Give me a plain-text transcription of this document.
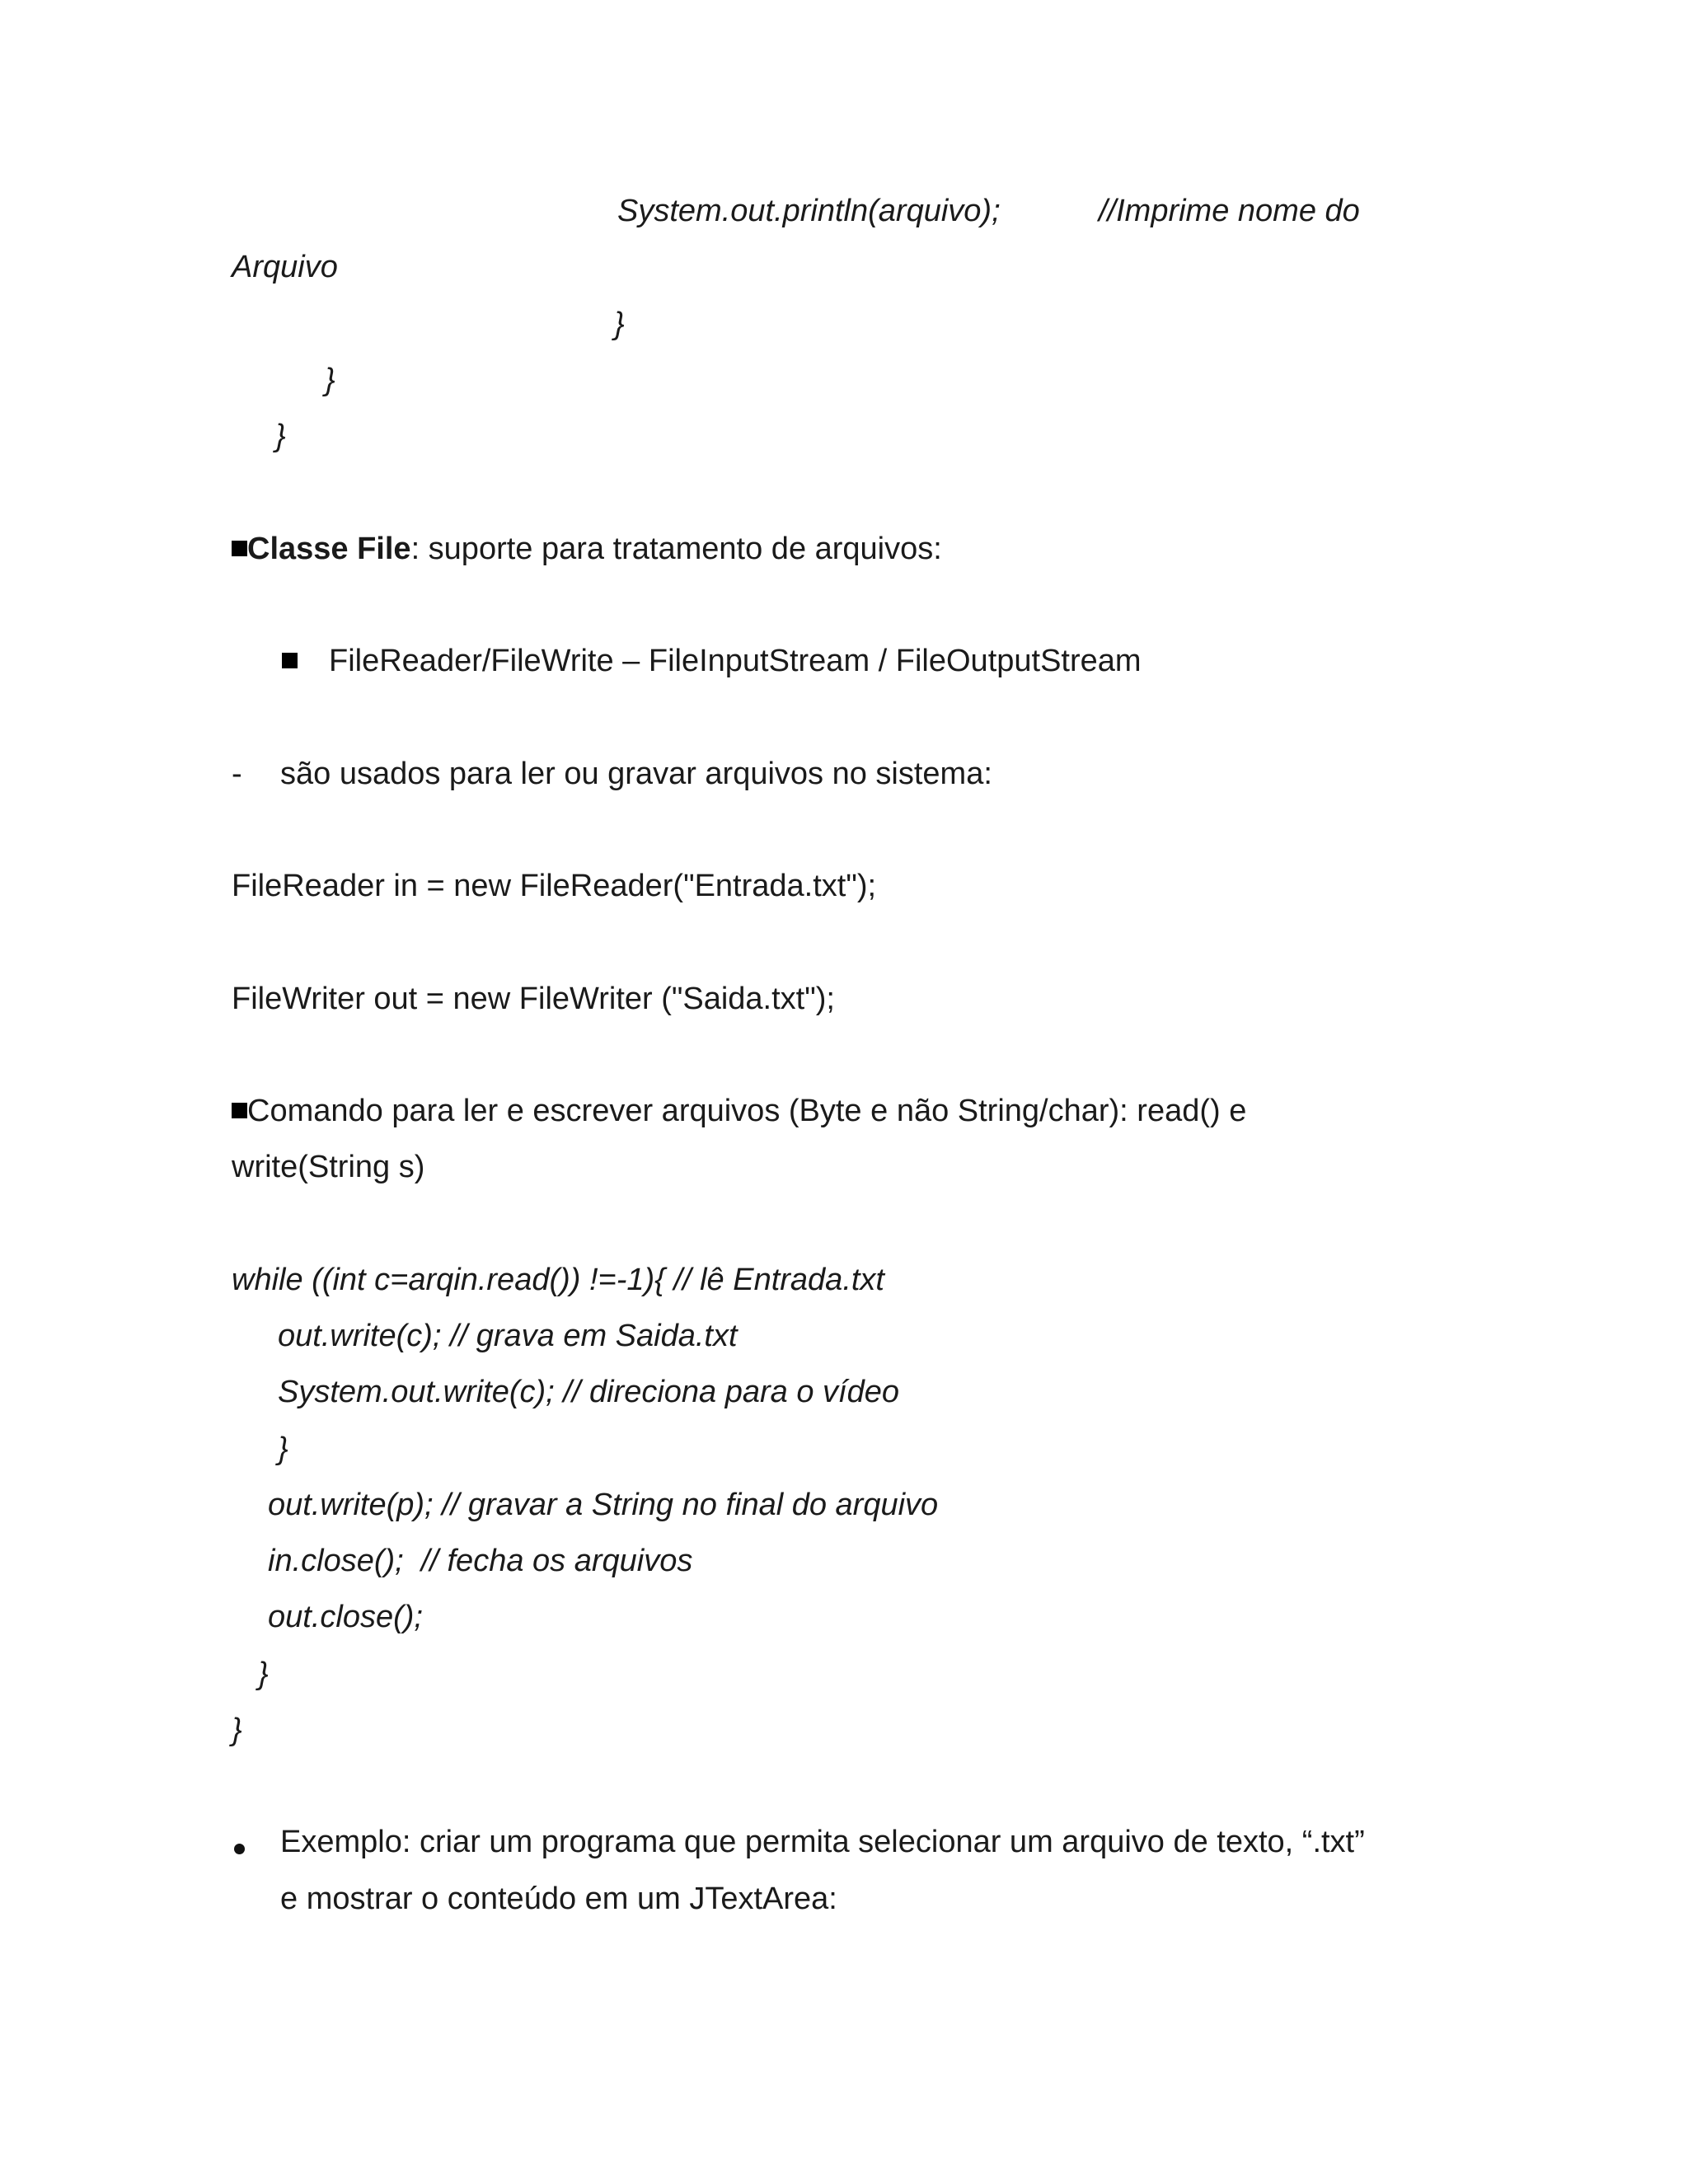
System.out.println(arquivo);	//Imprime nome do
Arquivo
}
}
}
Classe File: suporte para tratamento de arquivos:
FileReader/FileWrite – FileInputStream / FileOutputStream
- são usados para ler ou gravar arquivos no sistema:
FileReader in = new FileReader("Entrada.txt");
FileWriter out = new FileWriter ("Saida.txt");
Comando para ler e escrever arquivos (Byte e não String/char): read() e
write(String s)
while ((int c=arqin.read()) !=-1){ // lê Entrada.txt
out.write(c); // grava em Saida.txt
System.out.write(c); // direciona para o vídeo
}
out.write(p); // gravar a String no final do arquivo
in.close();  // fecha os arquivos
out.close();
}
}
Exemplo: criar um programa que permita selecionar um arquivo de texto, “.txt”
e mostrar o conteúdo em um JTextArea:
